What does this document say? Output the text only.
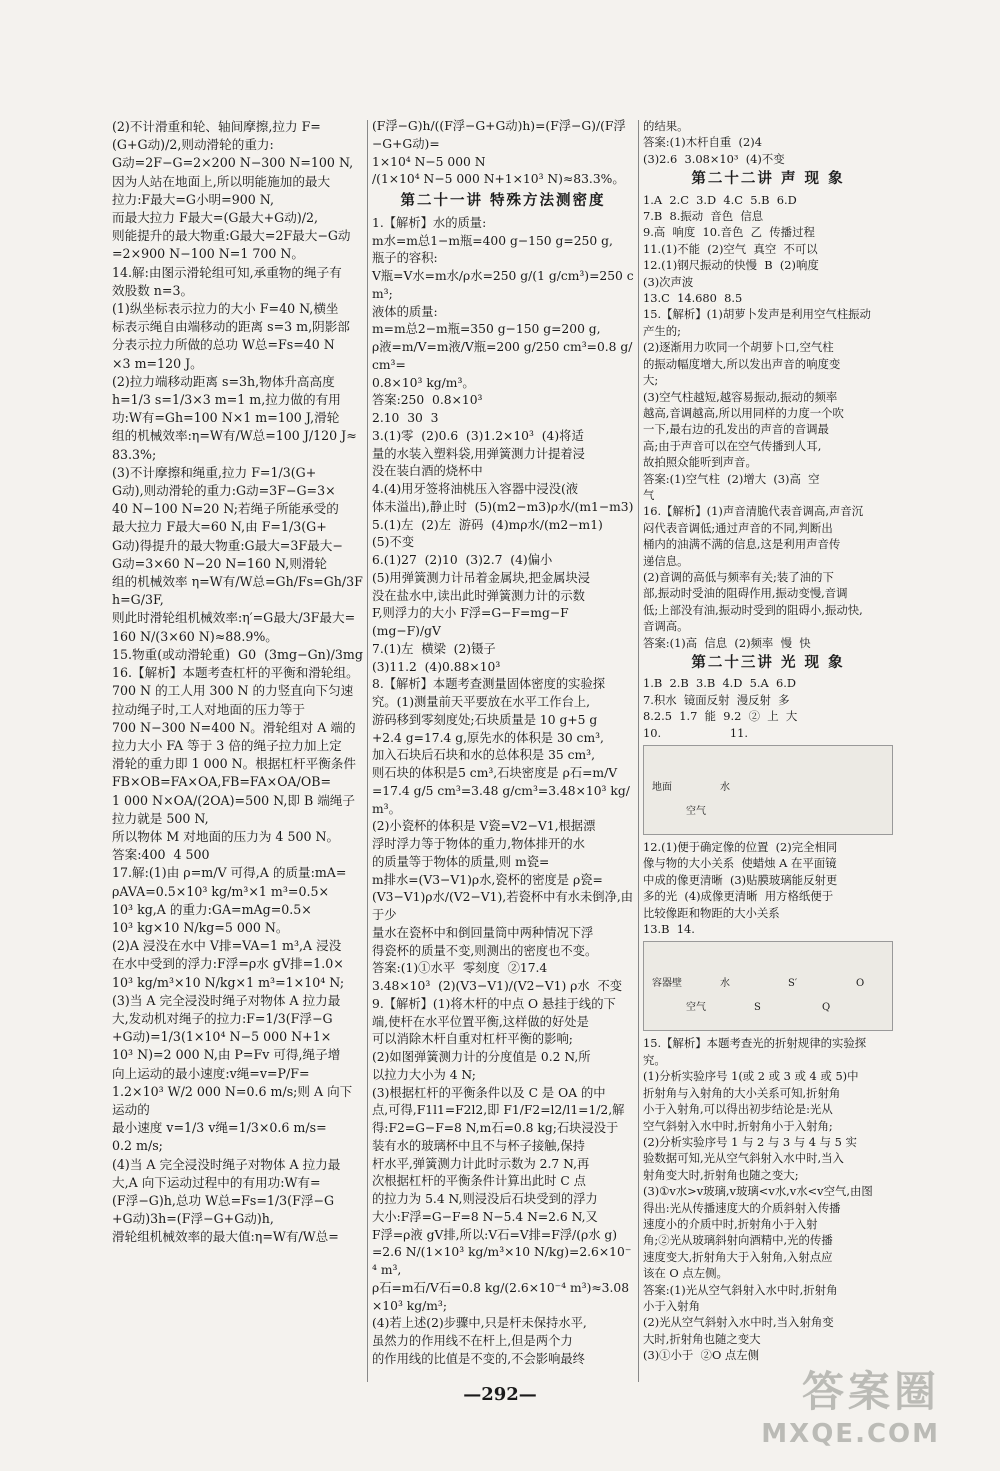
(2)不计滑重和轮、轴间摩擦,拉力 F=

(G+G动)/2,则动滑轮的重力:

G动=2F−G=2×200 N−300 N=100 N,

因为人站在地面上,所以明能施加的最大

拉力:F最大=G小明=900 N,

而最大拉力 F最大=(G最大+G动)/2,

则能提升的最大物重:G最大=2F最大−G动

=2×900 N−100 N=1 700 N。

14.解:由图示滑轮组可知,承重物的绳子有

效股数 n=3。

(1)纵坐标表示拉力的大小 F=40 N,横坐

标表示绳自由端移动的距离 s=3 m,阴影部

分表示拉力所做的总功 W总=Fs=40 N

×3 m=120 J。

(2)拉力端移动距离 s=3h,物体升高高度

h=1/3 s=1/3×3 m=1 m,拉力做的有用

功:W有=Gh=100 N×1 m=100 J,滑轮

组的机械效率:η=W有/W总=100 J/120 J≈83.3%;

(3)不计摩擦和绳重,拉力 F=1/3(G+

G动),则动滑轮的重力:G动=3F−G=3×

40 N−100 N=20 N;若绳子所能承受的

最大拉力 F最大=60 N,由 F=1/3(G+

G动)得提升的最大物重:G最大=3F最大−

G动=3×60 N−20 N=160 N,则滑轮

组的机械效率 η=W有/W总=Gh/Fs=Gh/3Fh=G/3F,

则此时滑轮组机械效率:η′=G最大/3F最大=

160 N/(3×60 N)≈88.9%。

15.物重(或动滑轮重)  G0  (3mg−Gn)/3mg

16.【解析】本题考查杠杆的平衡和滑轮组。

700 N 的工人用 300 N 的力竖直向下匀速

拉动绳子时,工人对地面的压力等于

700 N−300 N=400 N。滑轮组对 A 端的

拉力大小 FA 等于 3 倍的绳子拉力加上定

滑轮的重力即 1 000 N。根据杠杆平衡条件

FB×OB=FA×OA,FB=FA×OA/OB=

1 000 N×OA/(2OA)=500 N,即 B 端绳子拉力就是 500 N,

所以物体 M 对地面的压力为 4 500 N。

答案:400  4 500

17.解:(1)由 ρ=m/V 可得,A 的质量:mA=

ρAVA=0.5×10³ kg/m³×1 m³=0.5×

10³ kg,A 的重力:GA=mAg=0.5×

10³ kg×10 N/kg=5 000 N。

(2)A 浸没在水中 V排=VA=1 m³,A 浸没

在水中受到的浮力:F浮=ρ水 gV排=1.0×

10³ kg/m³×10 N/kg×1 m³=1×10⁴ N;

(3)当 A 完全浸没时绳子对物体 A 拉力最

大,发动机对绳子的拉力:F=1/3(F浮−G

+G动)=1/3(1×10⁴ N−5 000 N+1×

10³ N)=2 000 N,由 P=Fv 可得,绳子增

向上运动的最小速度:v绳=v=P/F=

1.2×10³ W/2 000 N=0.6 m/s;则 A 向下运动的

最小速度 v=1/3 v绳=1/3×0.6 m/s=

0.2 m/s;

(4)当 A 完全浸没时绳子对物体 A 拉力最

大,A 向下运动过程中的有用功:W有=

(F浮−G)h,总功 W总=Fs=1/3(F浮−G

+G动)3h=(F浮−G+G动)h,

滑轮组机械效率的最大值:η=W有/W总=

(F浮−G)h/((F浮−G+G动)h)=(F浮−G)/(F浮−G+G动)=

1×10⁴ N−5 000 N

/(1×10⁴ N−5 000 N+1×10³ N)≈83.3%。

第二十一讲 特殊方法测密度

1.【解析】水的质量:

m水=m总1−m瓶=400 g−150 g=250 g,

瓶子的容积:

V瓶=V水=m水/ρ水=250 g/(1 g/cm³)=250 cm³;

液体的质量:

m=m总2−m瓶=350 g−150 g=200 g,

ρ液=m/V=m液/V瓶=200 g/250 cm³=0.8 g/cm³=

0.8×10³ kg/m³。

答案:250  0.8×10³

2.10  30  3

3.(1)零  (2)0.6  (3)1.2×10³  (4)将适

量的水装入塑料袋,用弹簧测力计提着浸

没在装白酒的烧杯中

4.(4)用牙签将油桃压入容器中浸没(液

体未溢出),静止时  (5)(m2−m3)ρ水/(m1−m3)

5.(1)左  (2)左  游码  (4)mρ水/(m2−m1)

(5)不变

6.(1)27  (2)10  (3)2.7  (4)偏小

(5)用弹簧测力计吊着金属块,把金属块浸

没在盐水中,读出此时弹簧测力计的示数

F,则浮力的大小 F浮=G−F=mg−F

(mg−F)/gV

7.(1)左  横梁  (2)镊子

(3)11.2  (4)0.88×10³

8.【解析】本题考查测量固体密度的实验探

究。(1)测量前天平要放在水平工作台上,

游码移到零刻度处;石块质量是 10 g+5 g

+2.4 g=17.4 g,原先水的体积是 30 cm³,

加入石块后石块和水的总体积是 35 cm³,

则石块的体积是5 cm³,石块密度是 ρ石=m/V

=17.4 g/5 cm³=3.48 g/cm³=3.48×10³ kg/m³。

(2)小瓷杯的体积是 V瓷=V2−V1,根据漂

浮时浮力等于物体的重力,物体排开的水

的质量等于物体的质量,则 m瓷=

m排水=(V3−V1)ρ水,瓷杯的密度是 ρ瓷=

(V3−V1)ρ水/(V2−V1),若瓷杯中有水未倒净,由于少

量水在瓷杯中和倒回量筒中两种情况下浮

得瓷杯的质量不变,则测出的密度也不变。

答案:(1)①水平  零刻度  ②17.4

3.48×10³  (2)(V3−V1)/(V2−V1) ρ水  不变

9.【解析】(1)将木杆的中点 O 悬挂于线的下

端,使杆在水平位置平衡,这样做的好处是

可以消除木杆自重对杠杆平衡的影响;

(2)如图弹簧测力计的分度值是 0.2 N,所

以拉力大小为 4 N;

(3)根据杠杆的平衡条件以及 C 是 OA 的中

点,可得,F1l1=F2l2,即 F1/F2=l2/l1=1/2,解

得:F2=G−F=8 N,m石=0.8 kg;石块浸没于

装有水的玻璃杯中且不与杯子接触,保持

杆水平,弹簧测力计此时示数为 2.7 N,再

次根据杠杆的平衡条件计算出此时 C 点

的拉力为 5.4 N,则浸没后石块受到的浮力

大小:F浮=G−F=8 N−5.4 N=2.6 N,又

F浮=ρ液 gV排,所以:V石=V排=F浮/(ρ水 g)

=2.6 N/(1×10³ kg/m³×10 N/kg)=2.6×10⁻⁴ m³,

ρ石=m石/V石=0.8 kg/(2.6×10⁻⁴ m³)≈3.08×10³ kg/m³;

(4)若上述(2)步骤中,只是杆未保持水平,

虽然力的作用线不在杆上,但是两个力

的作用线的比值是不变的,不会影响最终

的结果。

答案:(1)木杆自重  (2)4

(3)2.6  3.08×10³  (4)不变

第二十二讲 声 现 象

1.A  2.C  3.D  4.C  5.B  6.D

7.B  8.振动  音色  信息

9.高  响度  10.音色  乙  传播过程

11.(1)不能  (2)空气  真空  不可以

12.(1)钢尺振动的快慢  B  (2)响度

(3)次声波

13.C  14.680  8.5

15.【解析】(1)胡萝卜发声是利用空气柱振动

产生的;

(2)逐渐用力吹同一个胡萝卜口,空气柱

的振动幅度增大,所以发出声音的响度变

大;

(3)空气柱越短,越容易振动,振动的频率

越高,音调越高,所以用同样的力度一个吹

一下,最右边的孔发出的声音的音调最

高;由于声音可以在空气传播到人耳,

故拍照众能听到声音。

答案:(1)空气柱  (2)增大  (3)高  空

气

16.【解析】(1)声音清脆代表音调高,声音沉

闷代表音调低;通过声音的不同,判断出

桶内的油满不满的信息,这是利用声音传

递信息。

(2)音调的高低与频率有关;装了油的下

部,振动时受油的阻碍作用,振动变慢,音调

低;上部没有油,振动时受到的阻碍小,振动快,

音调高。

答案:(1)高  信息  (2)频率  慢  快

第二十三讲 光 现 象

1.B  2.B  3.B  4.D  5.A  6.D

7.积水  镜面反射  漫反射  多

8.2.5  1.7  能  9.2  ②  上  大

10.                   11.

地面
空气
水

12.(1)便于确定像的位置  (2)完全相同

像与物的大小关系  使蜡烛 A 在平面镜

中成的像更清晰  (3)贴膜玻璃能反射更

多的光  (4)成像更清晰  用方格纸便于

比较像距和物距的大小关系

13.B  14.

容器壁
空气
水
S
S′
Q
O

15.【解析】本题考查光的折射规律的实验探

究。

(1)分析实验序号 1(或 2 或 3 或 4 或 5)中

折射角与入射角的大小关系可知,折射角

小于入射角,可以得出初步结论是:光从

空气斜射入水中时,折射角小于入射角;

(2)分析实验序号 1 与 2 与 3 与 4 与 5 实

验数据可知,光从空气斜射入水中时,当入

射角变大时,折射角也随之变大;

(3)①v水>v玻璃,v玻璃<v水,v水<v空气,由图

得出:光从传播速度大的介质斜射入传播

速度小的介质中时,折射角小于入射

角;②光从玻璃斜射向酒精中,光的传播

速度变大,折射角大于入射角,入射点应

该在 O 点左侧。

答案:(1)光从空气斜射入水中时,折射角

小于入射角

(2)光从空气斜射入水中时,当入射角变

大时,折射角也随之变大

(3)①小于  ②O 点左侧

—292—	答案圈
MXQE.COM
